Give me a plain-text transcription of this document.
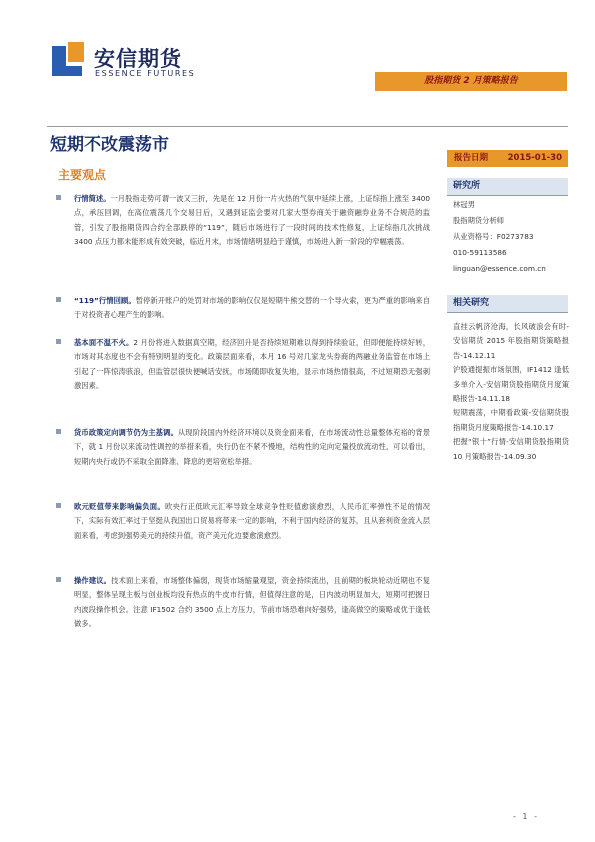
安信期货
ESSENCE FUTURES
股指期货 2 月策略报告
短期不改震荡市
主要观点
行情简述。一月股指走势可谓一波又三折，先是在 12 月份一片火热的气氛中延续上涨，上证综指上涨至 3400 点，承压回调，在高位震荡几个交易日后，又遇到证监会要对几家大型券商关于融资融券业务不合规范的监管，引发了股指期货四合约全部跌停的“119”，随后市场进行了一段时间的技术性修复，上证综指几次挑战 3400 点压力都未能形成有效突破，临近月末，市场情绪明显趋于谨慎，市场进入新一阶段的窄幅震荡。
“119”行情回顾。暂停新开账户的处罚对市场的影响仅仅是短期牛熊交替的一个导火索，更为严重的影响来自于对投资者心理产生的影响。
基本面不温不火。2 月份将进入数据真空期，经济回升是否持续短期难以得到持续验证，但即便能持续好转，市场对其态度也不会有特别明显的变化。政策层面来看，本月 16 号对几家龙头券商的两融业务监管在市场上引起了一阵惊涛骇浪，但监管层很快便喊话安抚，市场随即收复失地，显示市场热情很高，不过短期恐无强刺激因素。
货币政策定向调节仍为主基调。从现阶段国内外经济环境以及资金面来看，在市场流动性总量整体充裕的背景下，就 1 月份以来流动性调控的举措来看，央行仍在不紧不慢地，结构性的定向定量投放流动性，可以看出，短期内央行或仍不采取全面降准、降息的更培宽松举措。
欧元贬值带来影响偏负面。欧央行正低欧元汇率导致全球竞争性贬值愈演愈烈，人民币汇率弹性不足的情况下，实际有效汇率过于坚挺从我国出口贸易将带来一定的影响，不利于国内经济的复苏，且从套利资金流入层面来看，考虑到强势美元的持续升值，资产美元化边要愈演愈烈。
操作建议。技术面上来看，市场整体偏弱，现货市场缩量观望，资金持续流出，且前期的板块轮动近期也不复明显，整体呈现主板与创业板均没有热点的牛皮市行情，但值得注意的是，日内波动明显加大，短期可把握日内波段操作机会。注意 IF1502 合约 3500 点上方压力，节前市场恐难向好强势，逢高做空的策略或优于逢低做多。
报告日期 2015-01-30
研究所
林冠男
股指期货分析师
从业资格号：F0273783
010-59113586
linguan@essence.com.cn
相关研究
直挂云帆济沧海，长风破浪会有时-安信期货 2015 年股指期货策略报告-14.12.11
沪股通提振市场氛围，IF1412 逢低多单介入-安信期货股指期货月度策略报告-14.11.18
短期震荡，中期看政策-安信期货股指期货月度策略报告-14.10.17
把握“银十”行情-安信期货股指期货 10 月策略报告-14.09.30
- 1 -
